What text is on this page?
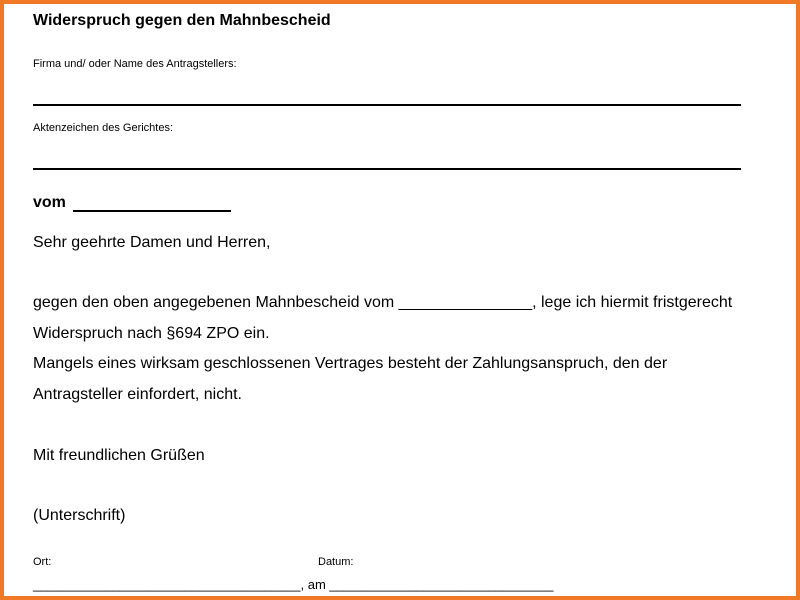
Widerspruch gegen den Mahnbescheid
Firma und/ oder Name des Antragstellers:
Aktenzeichen des Gerichtes:
vom
Sehr geehrte Damen und Herren,
gegen den oben angegebenen Mahnbescheid vom _______________, lege ich hiermit fristgerecht
Widerspruch nach §694 ZPO ein.
Mangels eines wirksam geschlossenen Vertrages besteht der Zahlungsanspruch, den der
Antragsteller einfordert, nicht.
Mit freundlichen Grüßen
(Unterschrift)
Ort:	Datum:
_____________________________________, am _______________________________
